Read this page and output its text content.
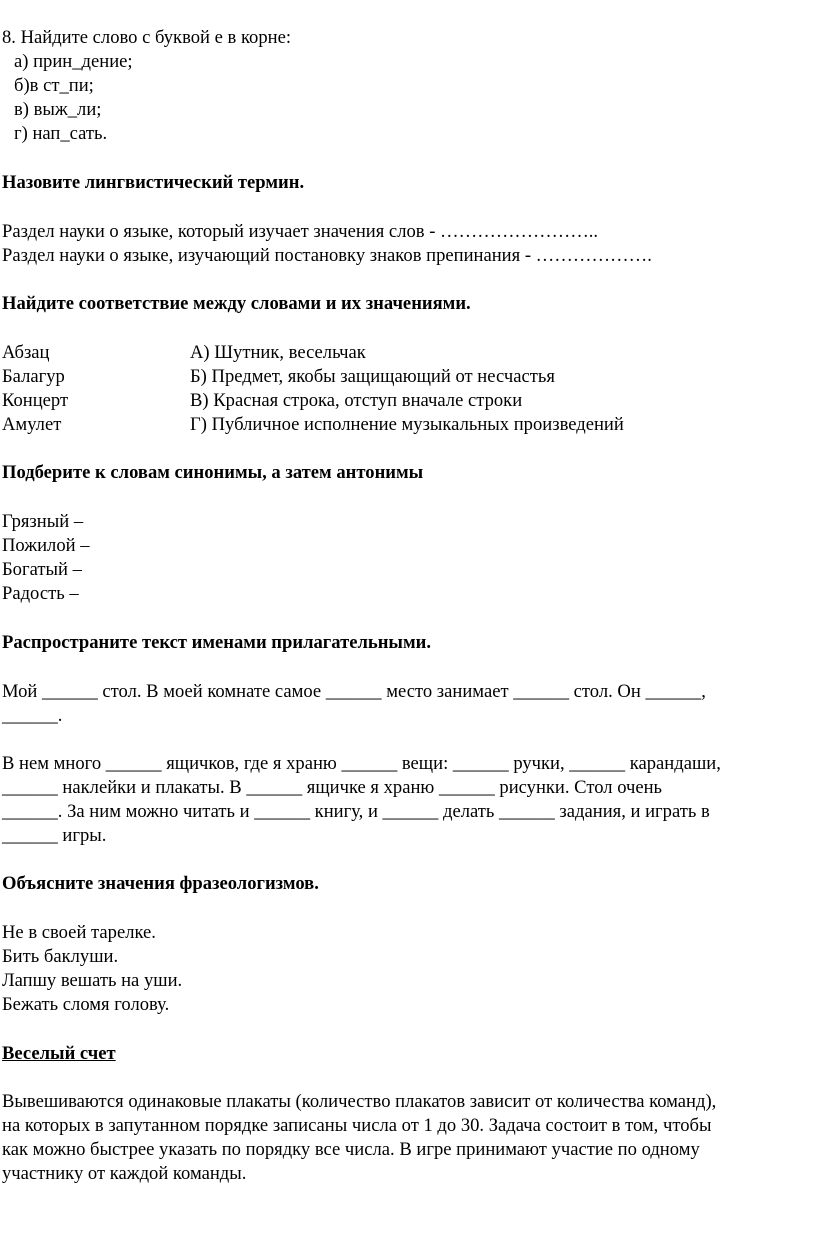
8. Найдите слово с буквой е в корне:
а) прин_дение;
б)в ст_пи;
в) выж_ли;
г) нап_сать.
Назовите лингвистический термин.
Раздел науки о языке, который изучает значения слов - ……………………..
Раздел науки о языке, изучающий постановку знаков препинания - ……………….
Найдите соответствие между словами и их значениями.
Абзац	А) Шутник, весельчак
Балагур	Б) Предмет, якобы защищающий от несчастья
Концерт	В) Красная строка, отступ вначале строки
Амулет	Г) Публичное исполнение музыкальных произведений
Подберите к словам синонимы, а затем антонимы
Грязный –
Пожилой –
Богатый –
Радость –
Распространите текст именами прилагательными.
Мой ______ стол. В моей комнате самое ______ место занимает ______ стол. Он ______,
______.
В нем много ______ ящичков, где я храню ______ вещи: ______ ручки, ______ карандаши,
______ наклейки и плакаты. В ______ ящичке я храню ______ рисунки. Стол очень
______. За ним можно читать и ______ книгу, и ______ делать ______ задания, и играть в
______ игры.
Объясните значения фразеологизмов.
Не в своей тарелке.
Бить баклуши.
Лапшу вешать на уши.
Бежать сломя голову.
Веселый счет
Вывешиваются одинаковые плакаты (количество плакатов зависит от количества команд),
на которых в запутанном порядке записаны числа от 1 до 30. Задача состоит в том, чтобы
как можно быстрее указать по порядку все числа. В игре принимают участие по одному
участнику от каждой команды.
